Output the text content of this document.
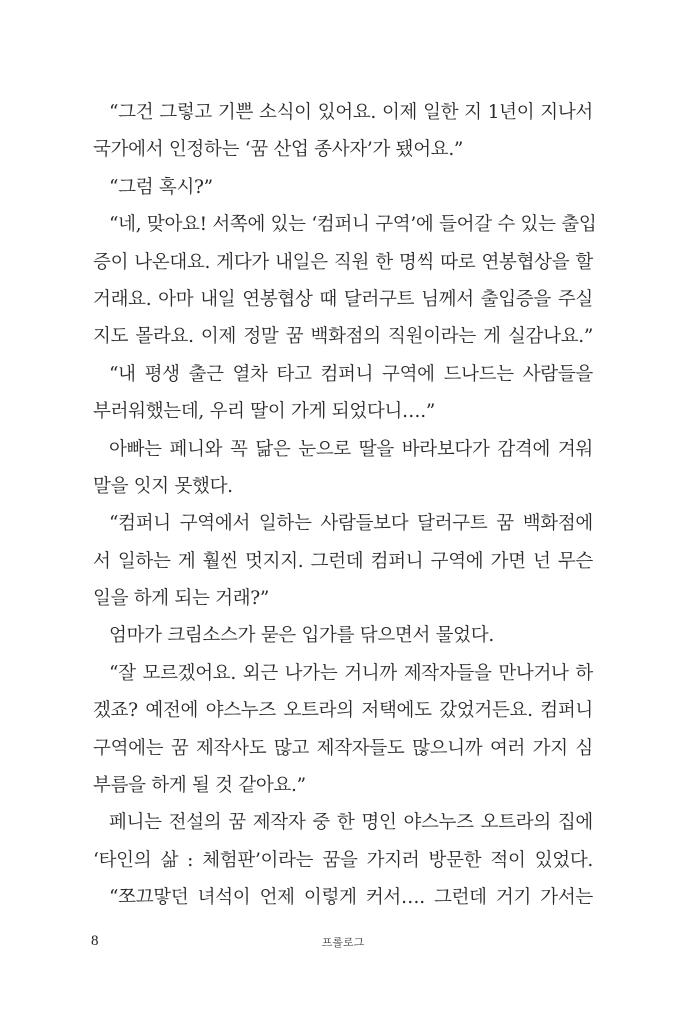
“그건 그렇고 기쁜 소식이 있어요. 이제 일한 지 1년이 지나서
국가에서 인정하는 ‘꿈 산업 종사자’가 됐어요.”
“그럼 혹시?”
“네, 맞아요! 서쪽에 있는 ‘컴퍼니 구역’에 들어갈 수 있는 출입
증이 나온대요. 게다가 내일은 직원 한 명씩 따로 연봉협상을 할
거래요. 아마 내일 연봉협상 때 달러구트 님께서 출입증을 주실
지도 몰라요. 이제 정말 꿈 백화점의 직원이라는 게 실감나요.”
“내 평생 출근 열차 타고 컴퍼니 구역에 드나드는 사람들을
부러워했는데, 우리 딸이 가게 되었다니….”
아빠는 페니와 꼭 닮은 눈으로 딸을 바라보다가 감격에 겨워
말을 잇지 못했다.
“컴퍼니 구역에서 일하는 사람들보다 달러구트 꿈 백화점에
서 일하는 게 훨씬 멋지지. 그런데 컴퍼니 구역에 가면 넌 무슨
일을 하게 되는 거래?”
엄마가 크림소스가 묻은 입가를 닦으면서 물었다.
“잘 모르겠어요. 외근 나가는 거니까 제작자들을 만나거나 하
겠죠? 예전에 야스누즈 오트라의 저택에도 갔었거든요. 컴퍼니
구역에는 꿈 제작사도 많고 제작자들도 많으니까 여러 가지 심
부름을 하게 될 것 같아요.”
페니는 전설의 꿈 제작자 중 한 명인 야스누즈 오트라의 집에
‘타인의 삶 : 체험판’이라는 꿈을 가지러 방문한 적이 있었다.
“쪼끄맣던 녀석이 언제 이렇게 커서…. 그런데 거기 가서는
8	프롤로그
